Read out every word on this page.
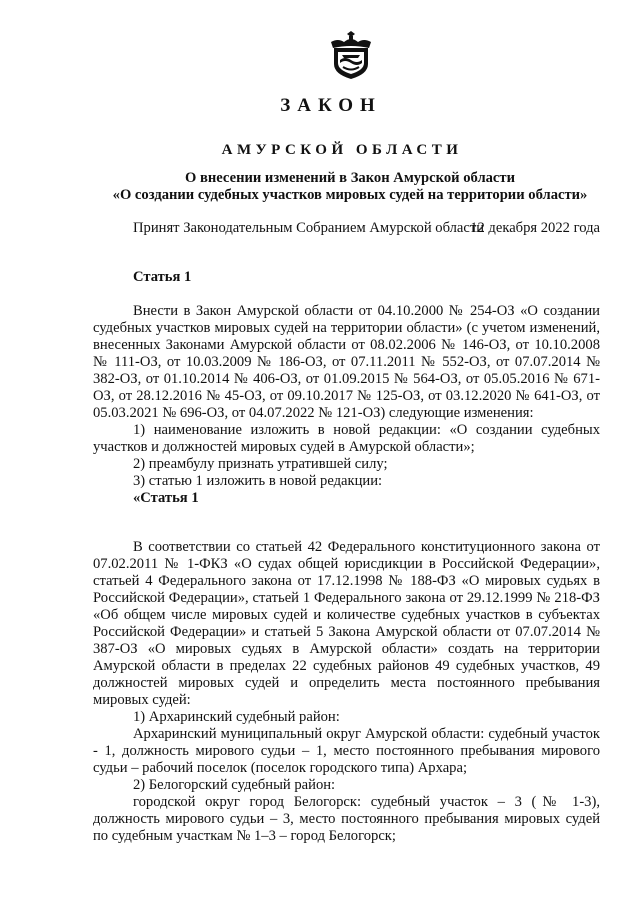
ЗАКОН
АМУРСКОЙ ОБЛАСТИ
О внесении изменений в Закон Амурской области
«О создании судебных участков мировых судей на территории области»
Принят Законодательным Собранием Амурской области
12 декабря 2022 года
Статья 1

Внести в Закон Амурской области от 04.10.2000 № 254-ОЗ «О создании судебных участков мировых судей на территории области» (с учетом изменений, внесенных Законами Амурской области от 08.02.2006 № 146-ОЗ, от 10.10.2008 № 111-ОЗ, от 10.03.2009 № 186-ОЗ, от 07.11.2011 № 552-ОЗ, от 07.07.2014 № 382-ОЗ, от 01.10.2014 № 406-ОЗ, от 01.09.2015 № 564-ОЗ, от 05.05.2016 № 671-ОЗ, от 28.12.2016 № 45-ОЗ, от 09.10.2017 № 125-ОЗ, от 03.12.2020 № 641-ОЗ, от 05.03.2021 № 696-ОЗ, от 04.07.2022 № 121-ОЗ) следующие изменения:

1) наименование изложить в новой редакции: «О создании судебных участков и должностей мировых судей в Амурской области»;

2) преамбулу признать утратившей силу;

3) статью 1 изложить в новой редакции:

«Статья 1

В соответствии со статьей 42 Федерального конституционного закона от 07.02.2011 № 1-ФКЗ «О судах общей юрисдикции в Российской Федерации», статьей 4 Федерального закона от 17.12.1998 № 188-ФЗ «О мировых судьях в Российской Федерации», статьей 1 Федерального закона от 29.12.1999 № 218-ФЗ «Об общем числе мировых судей и количестве судебных участков в субъектах Российской Федерации» и статьей 5 Закона Амурской области от 07.07.2014 № 387-ОЗ «О мировых судьях в Амурской области» создать на территории Амурской области в пределах 22 судебных районов 49 судебных участков, 49 должностей мировых судей и определить места постоянного пребывания мировых судей:

1) Архаринский судебный район:

Архаринский муниципальный округ Амурской области: судебный участок - 1, должность мирового судьи – 1, место постоянного пребывания мирового судьи – рабочий поселок (поселок городского типа) Архара;

2) Белогорский судебный район:

городской округ город Белогорск: судебный участок – 3 (№ 1-3), должность мирового судьи – 3, место постоянного пребывания мировых судей по судебным участкам № 1–3 – город Белогорск;
